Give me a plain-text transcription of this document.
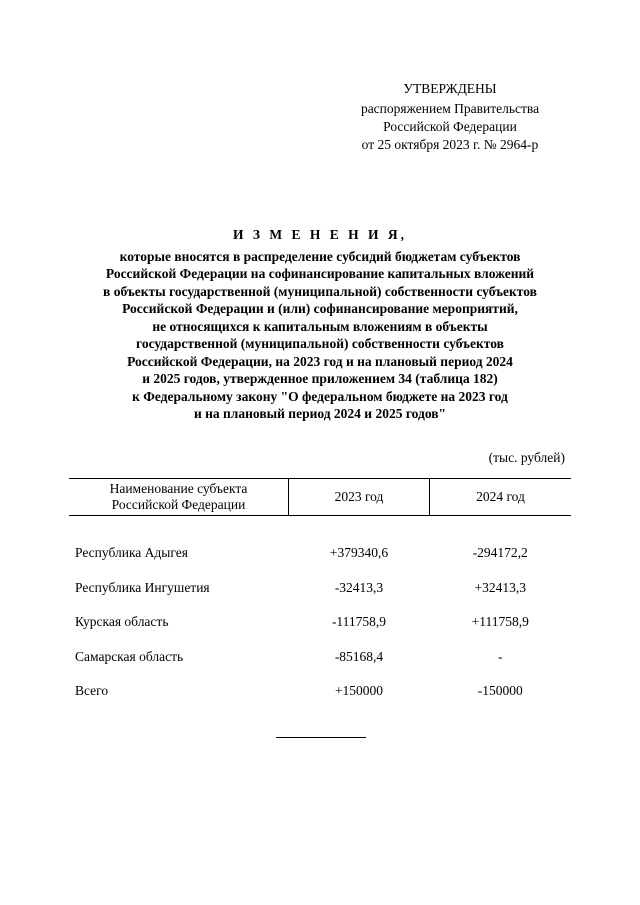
УТВЕРЖДЕНЫ
распоряжением Правительства
Российской Федерации
от 25 октября 2023 г. № 2964-р
И З М Е Н Е Н И Я,
которые вносятся в распределение субсидий бюджетам субъектов
Российской Федерации на софинансирование капитальных вложений
в объекты государственной (муниципальной) собственности субъектов
Российской Федерации и (или) софинансирование мероприятий,
не относящихся к капитальным вложениям в объекты
государственной (муниципальной) собственности субъектов
Российской Федерации, на 2023 год и на плановый период 2024
и 2025 годов, утвержденное приложением 34 (таблица 182)
к Федеральному закону "О федеральном бюджете на 2023 год
и на плановый период 2024 и 2025 годов"
(тыс. рублей)
Наименование субъекта
Российской Федерации	2023 год	2024 год
Республика Адыгея	+379340,6	-294172,2
Республика Ингушетия	-32413,3	+32413,3
Курская область	-111758,9	+111758,9
Самарская область	-85168,4	-
Всего	+150000	-150000
